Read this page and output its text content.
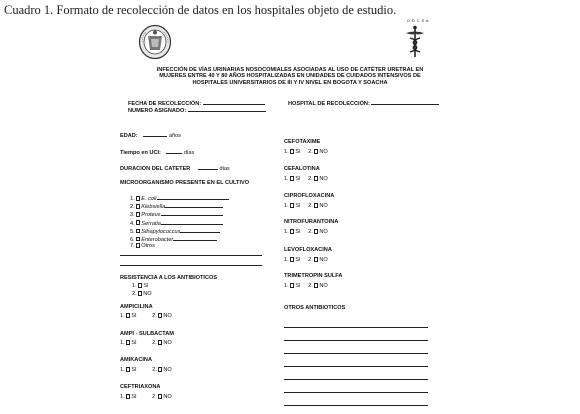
Cuadro 1. Formato de recolección de datos en los hospitales objeto de estudio.
O D C S A
INFECCIÓN DE VÍAS URINARIAS NOSOCOMIALES ASOCIADAS AL USO DE CATÉTER URETRAL EN
MUJERES ENTRE 40 Y 80 AÑOS HOSPITALIZADAS EN UNIDADES DE CUIDADOS INTENSIVOS DE
HOSPITALES UNIVERSITARIOS DE III Y IV NIVEL EN BOGOTA Y SOACHA
FECHA DE RECOLECCIÓN:
NUMERO ASIGNADO:
HOSPITAL DE RECOLECCIÓN:
EDAD:	años
Tiempo en UCI:	dias
DURACION DEL CATETER	dias
MICROORGANISMO PRESENTE EN EL CULTIVO
1. E. coli
2. Klebsiella
3. Proteus
4. Serratia
5. Sthapylococcus
6. Enterobacter
7. Otros
RESISTENCIA A LOS ANTIBIOTICOS
1. SI
2. NO
AMPICILINA
1. SI	2. NO
AMPI - SULBACTAM
1. SI	2. NO
AMIKACINA
1. SI	2. NO
CEFTRIAXONA
1. SI	2. NO
CEFOTAXIME
1. SI 2. NO
CEFALOTINA
1. SI 2. NO
CIPROFLOXACINA
1. SI 2. NO
NITROFURANTOINA
1. SI 2. NO
LEVOFLOXACINA
1. SI 2. NO
TRIMETROPIN SULFA
1. SI 2. NO
OTROS ANTIBIOTICOS
